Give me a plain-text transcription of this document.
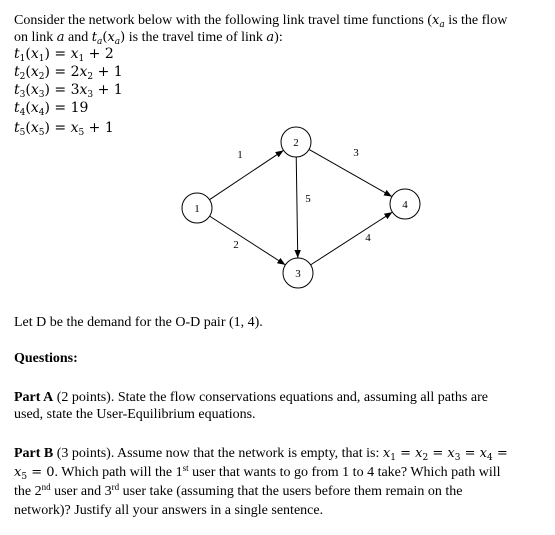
Consider the network below with the following link travel time functions ($x_a$ is the flow
on link a and $t_a(x_a)$ is the travel time of link a):
$t_1(x_1) = x_1 + 2$
$t_2(x_2) = 2x_2 + 1$
$t_3(x_3) = 3x_3 + 1$
$t_4(x_4) = 19$
$t_5(x_5) = x_5 + 1$
1
2
3
4
5
1
2
3
4
Let D be the demand for the O-D pair (1, 4).
Questions:
Part A (2 points). State the flow conservations equations and, assuming all paths are
used, state the User-Equilibrium equations.
Part B (3 points). Assume now that the network is empty, that is: $x_1 = x_2 = x_3 = x_4$ =
$x_5 = 0$. Which path will the 1st user that wants to go from 1 to 4 take? Which path will
the 2nd user and 3rd user take (assuming that the users before them remain on the
network)? Justify all your answers in a single sentence.
